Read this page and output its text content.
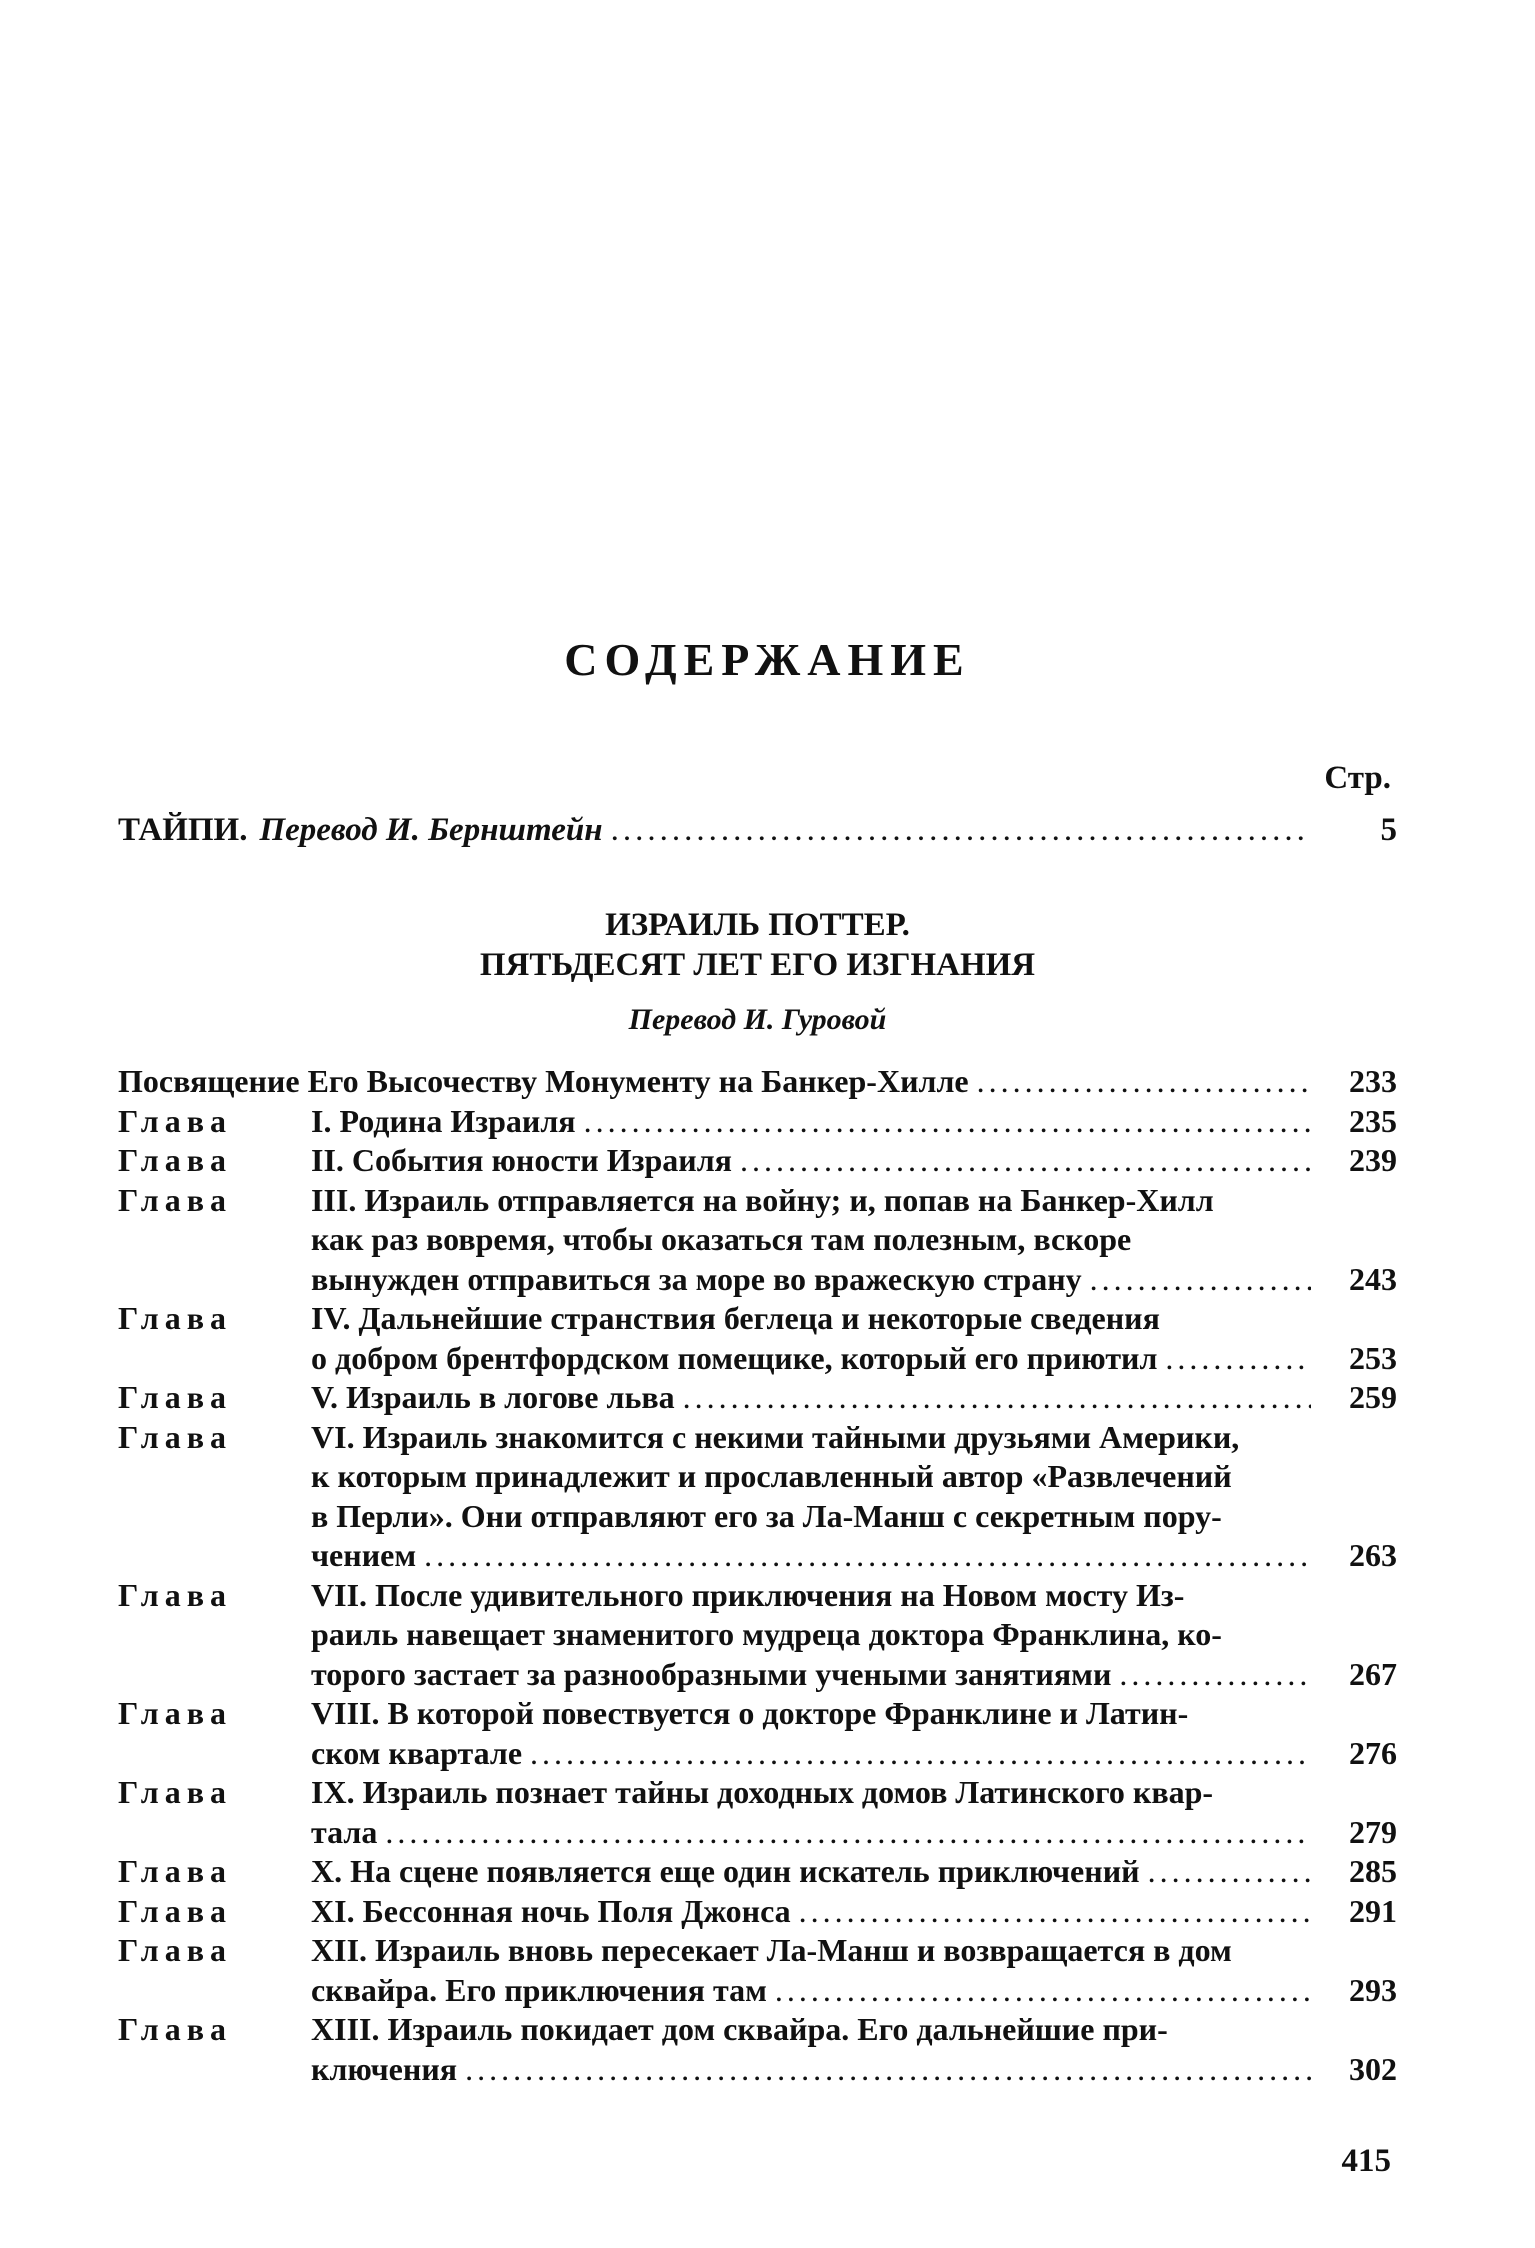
СОДЕРЖАНИЕ
Стр.
ТАЙПИ. Перевод И. Бернштейн .....	5
ИЗРАИЛЬ ПОТТЕР.
ПЯТЬДЕСЯТ ЛЕТ ЕГО ИЗГНАНИЯ
Перевод И. Гуровой
Посвящение Его Высочеству Монументу на Банкер-Хилле .....	233
Глава	I. Родина Израиля .....	235
Глава	II. События юности Израиля .....	239
Глава	III. Израиль отправляется на войну; и, попав на Банкер-Хилл
как раз вовремя, чтобы оказаться там полезным, вскоре
вынужден отправиться за море во вражескую страну .....	243
Глава	IV. Дальнейшие странствия беглеца и некоторые сведения
о добром брентфордском помещике, который его приютил .....	253
Глава	V. Израиль в логове льва .....	259
Глава	VI. Израиль знакомится с некими тайными друзьями Америки,
к которым принадлежит и прославленный автор «Развлечений
в Перли». Они отправляют его за Ла-Манш с секретным пору-
чением .....	263
Глава	VII. После удивительного приключения на Новом мосту Из-
раиль навещает знаменитого мудреца доктора Франклина, ко-
торого застает за разнообразными учеными занятиями .....	267
Глава	VIII. В которой повествуется о докторе Франклине и Латин-
ском квартале .....	276
Глава	IX. Израиль познает тайны доходных домов Латинского квар-
тала .....	279
Глава	X. На сцене появляется еще один искатель приключений .....	285
Глава	XI. Бессонная ночь Поля Джонса .....	291
Глава	XII. Израиль вновь пересекает Ла-Манш и возвращается в дом
сквайра. Его приключения там .....	293
Глава	XIII. Израиль покидает дом сквайра. Его дальнейшие при-
ключения .....	302
415
